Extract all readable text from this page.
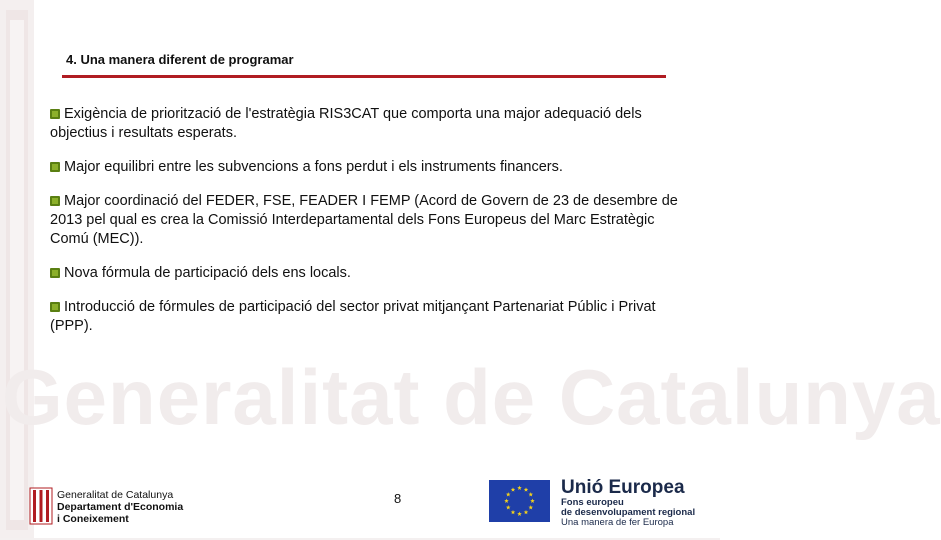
Generalitat de Catalunya
4. Una manera diferent de programar
Exigència de priorització de l'estratègia RIS3CAT que comporta una major adequació dels objectius i resultats esperats.
Major equilibri entre les subvencions a fons perdut i els instruments financers.
Major coordinació del FEDER, FSE, FEADER I FEMP (Acord de Govern de 23 de desembre de 2013 pel qual es crea la Comissió Interdepartamental dels Fons Europeus del Marc Estratègic Comú (MEC)).
Nova fórmula de participació dels ens locals.
Introducció de fórmules de participació del sector privat mitjançant Partenariat Públic i Privat (PPP).
Generalitat de Catalunya
Departament d'Economia
i Coneixement
8
Unió Europea
Fons europeu
de desenvolupament regional
Una manera de fer Europa
